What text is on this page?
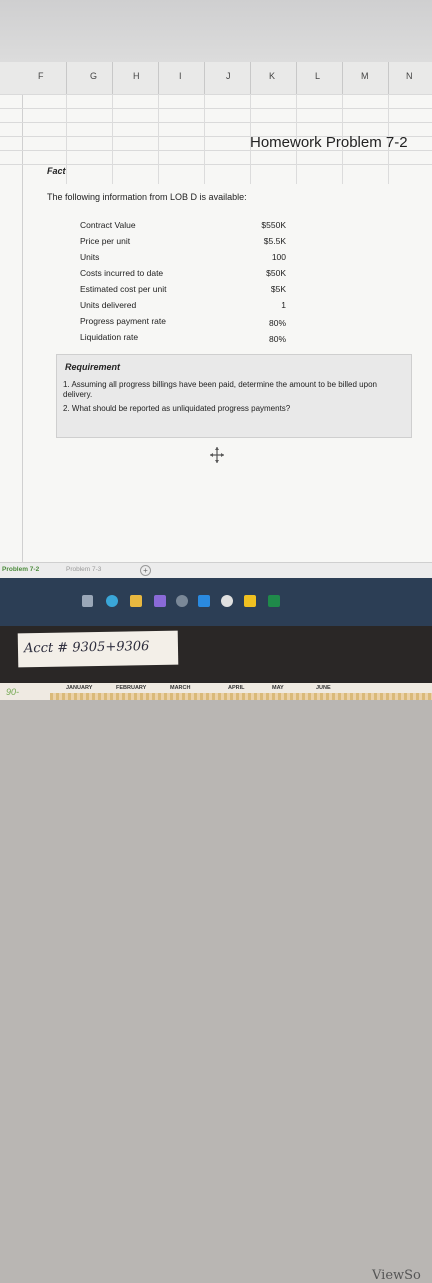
F	G	H	I	J	K	L	M	N
Homework Problem 7-2
Fact
The following information from LOB D is available:
Contract Value	$550K
Price per unit	$5.5K
Units	100
Costs incurred to date	$50K
Estimated cost per unit	$5K
Units delivered	1
Progress payment rate	80%
Liquidation rate	80%
Requirement
1. Assuming all progress billings have been paid, determine the amount to be billed upon delivery.
2. What should be reported as unliquidated progress payments?
Problem 7-2	Problem 7-3	+
ViewSo
Acct # 9305+9306
90-	JANUARY	FEBRUARY	MARCH	APRIL	MAY	JUNE
